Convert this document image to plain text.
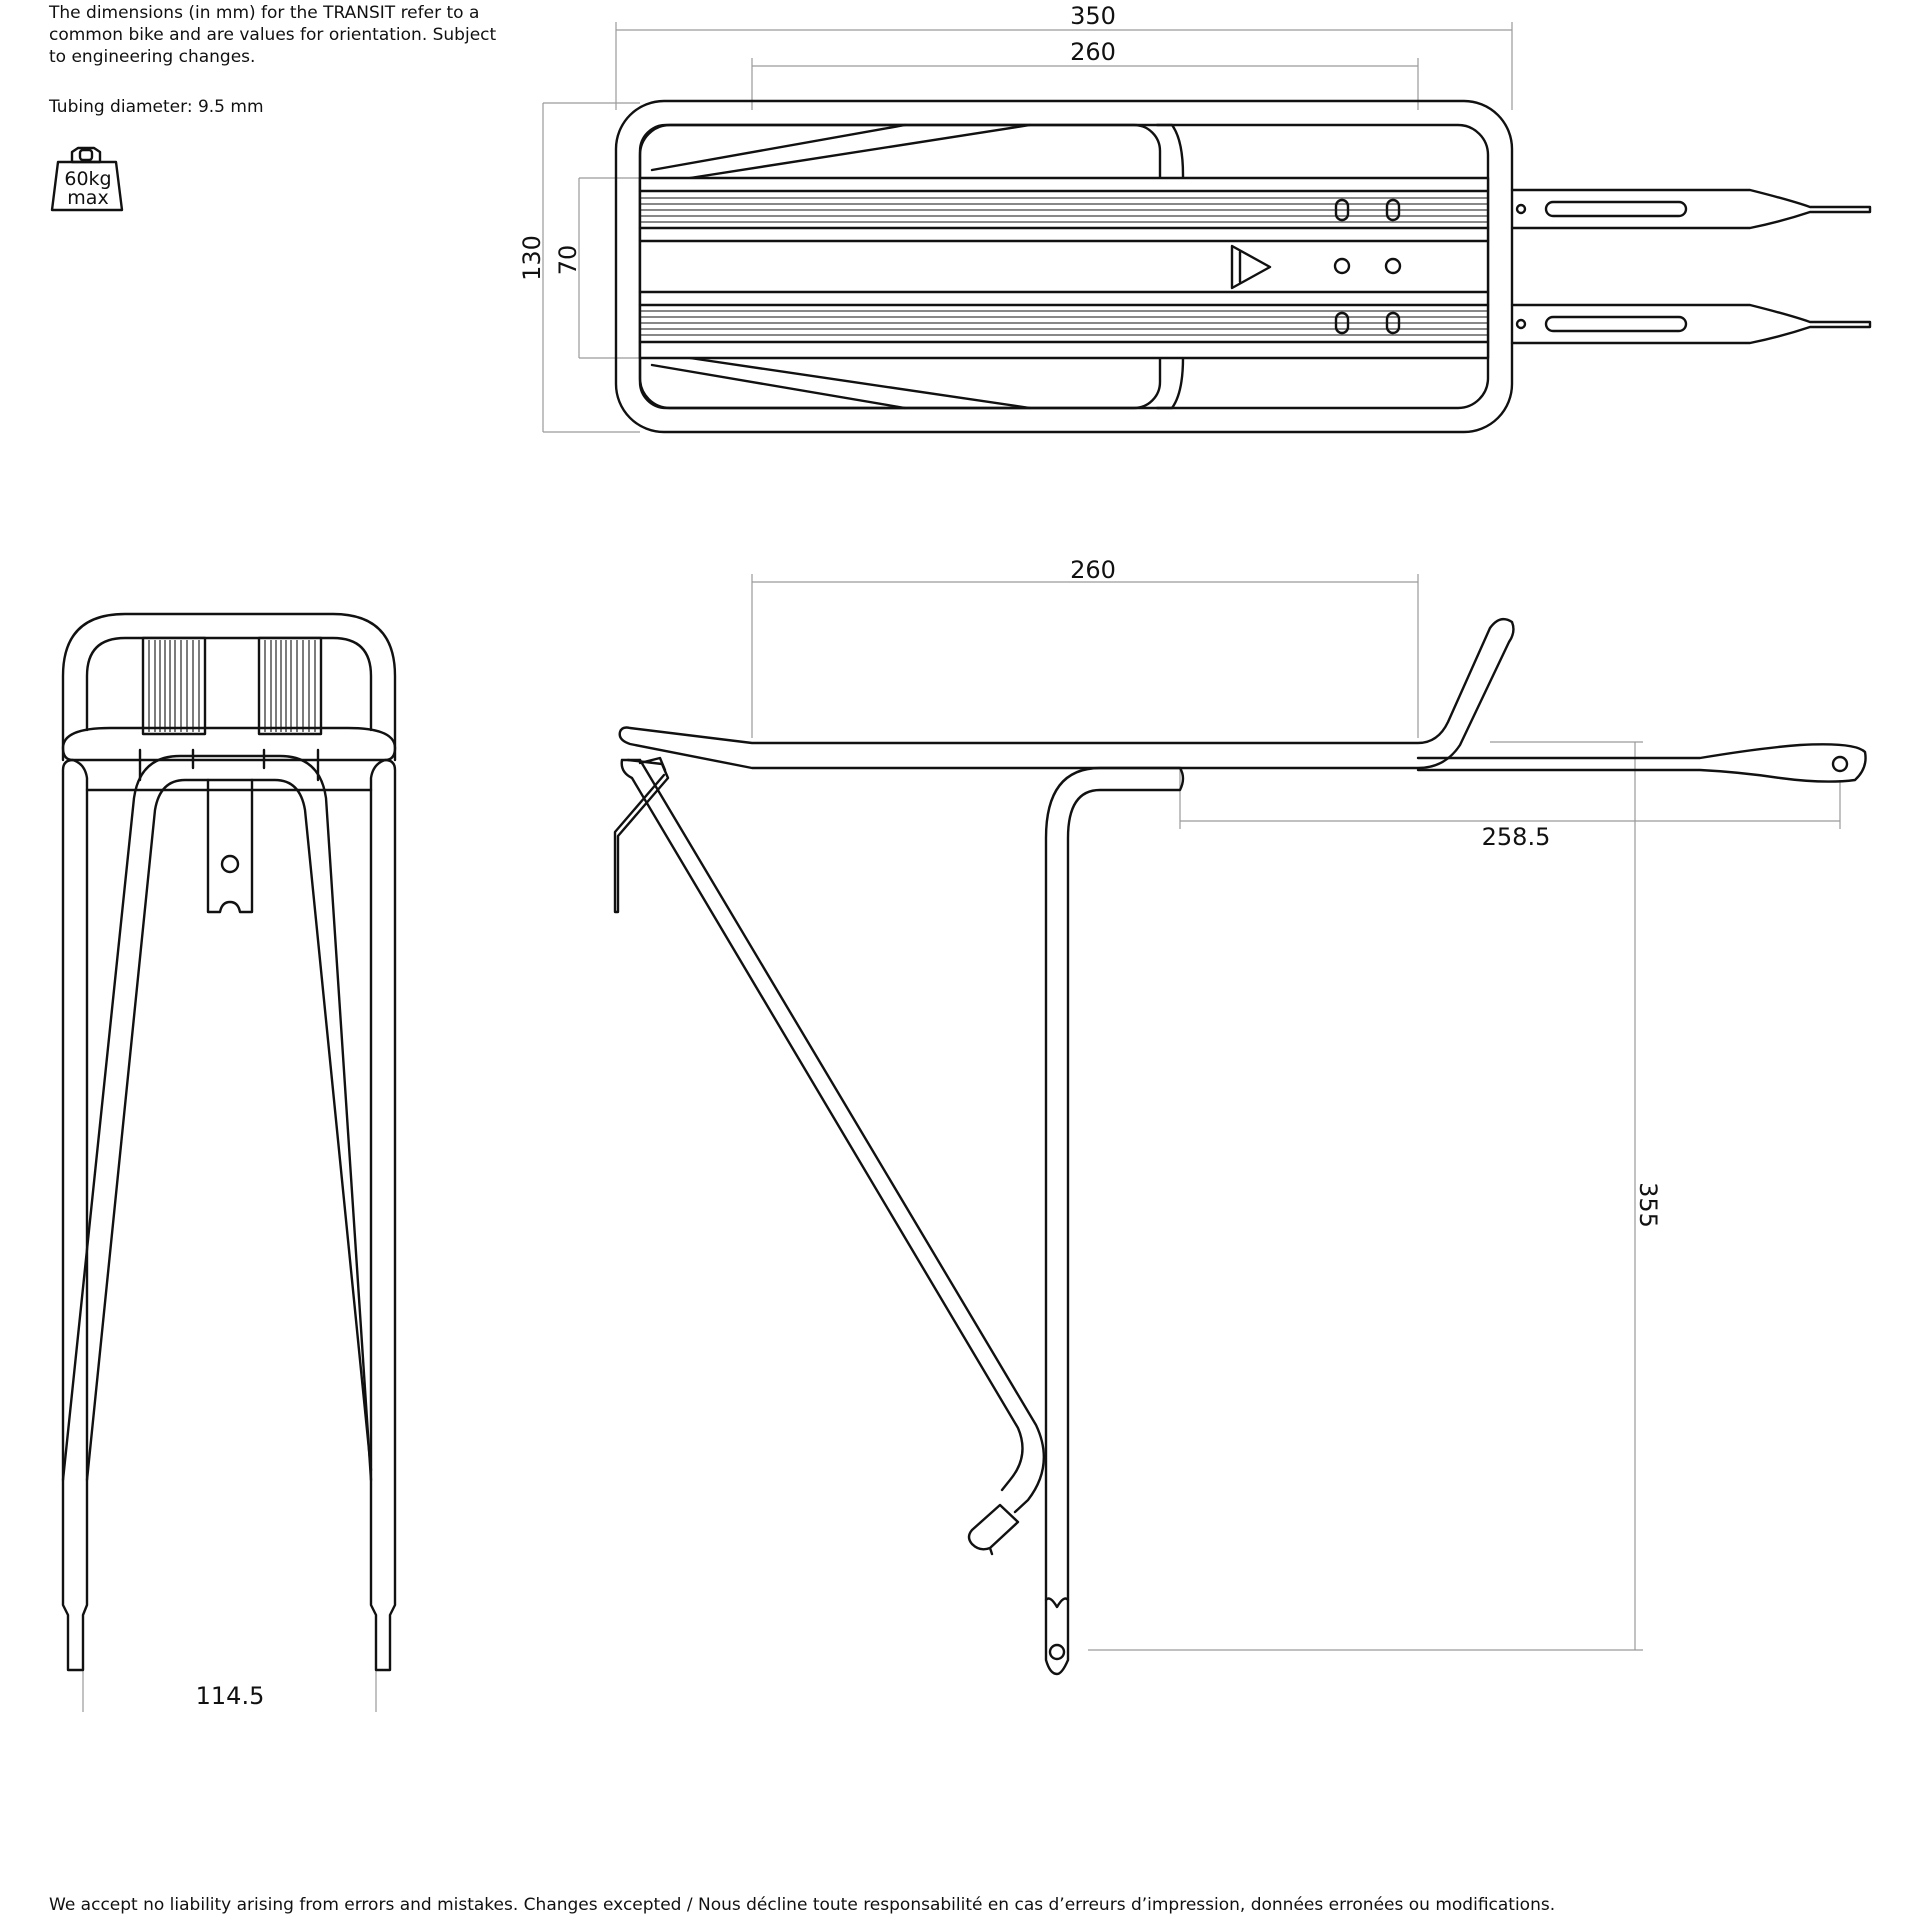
The dimensions (in mm) for the TRANSIT refer to a common bike and are values for orientation. Subject to engineering changes.
Tubing diameter: 9.5 mm
60kg
max
350
260
130 70
260
258.5
355
114.5
We accept no liability arising from errors and mistakes. Changes excepted / Nous décline toute responsabilité en cas d’erreurs d’impression, données erronées ou modifications.
